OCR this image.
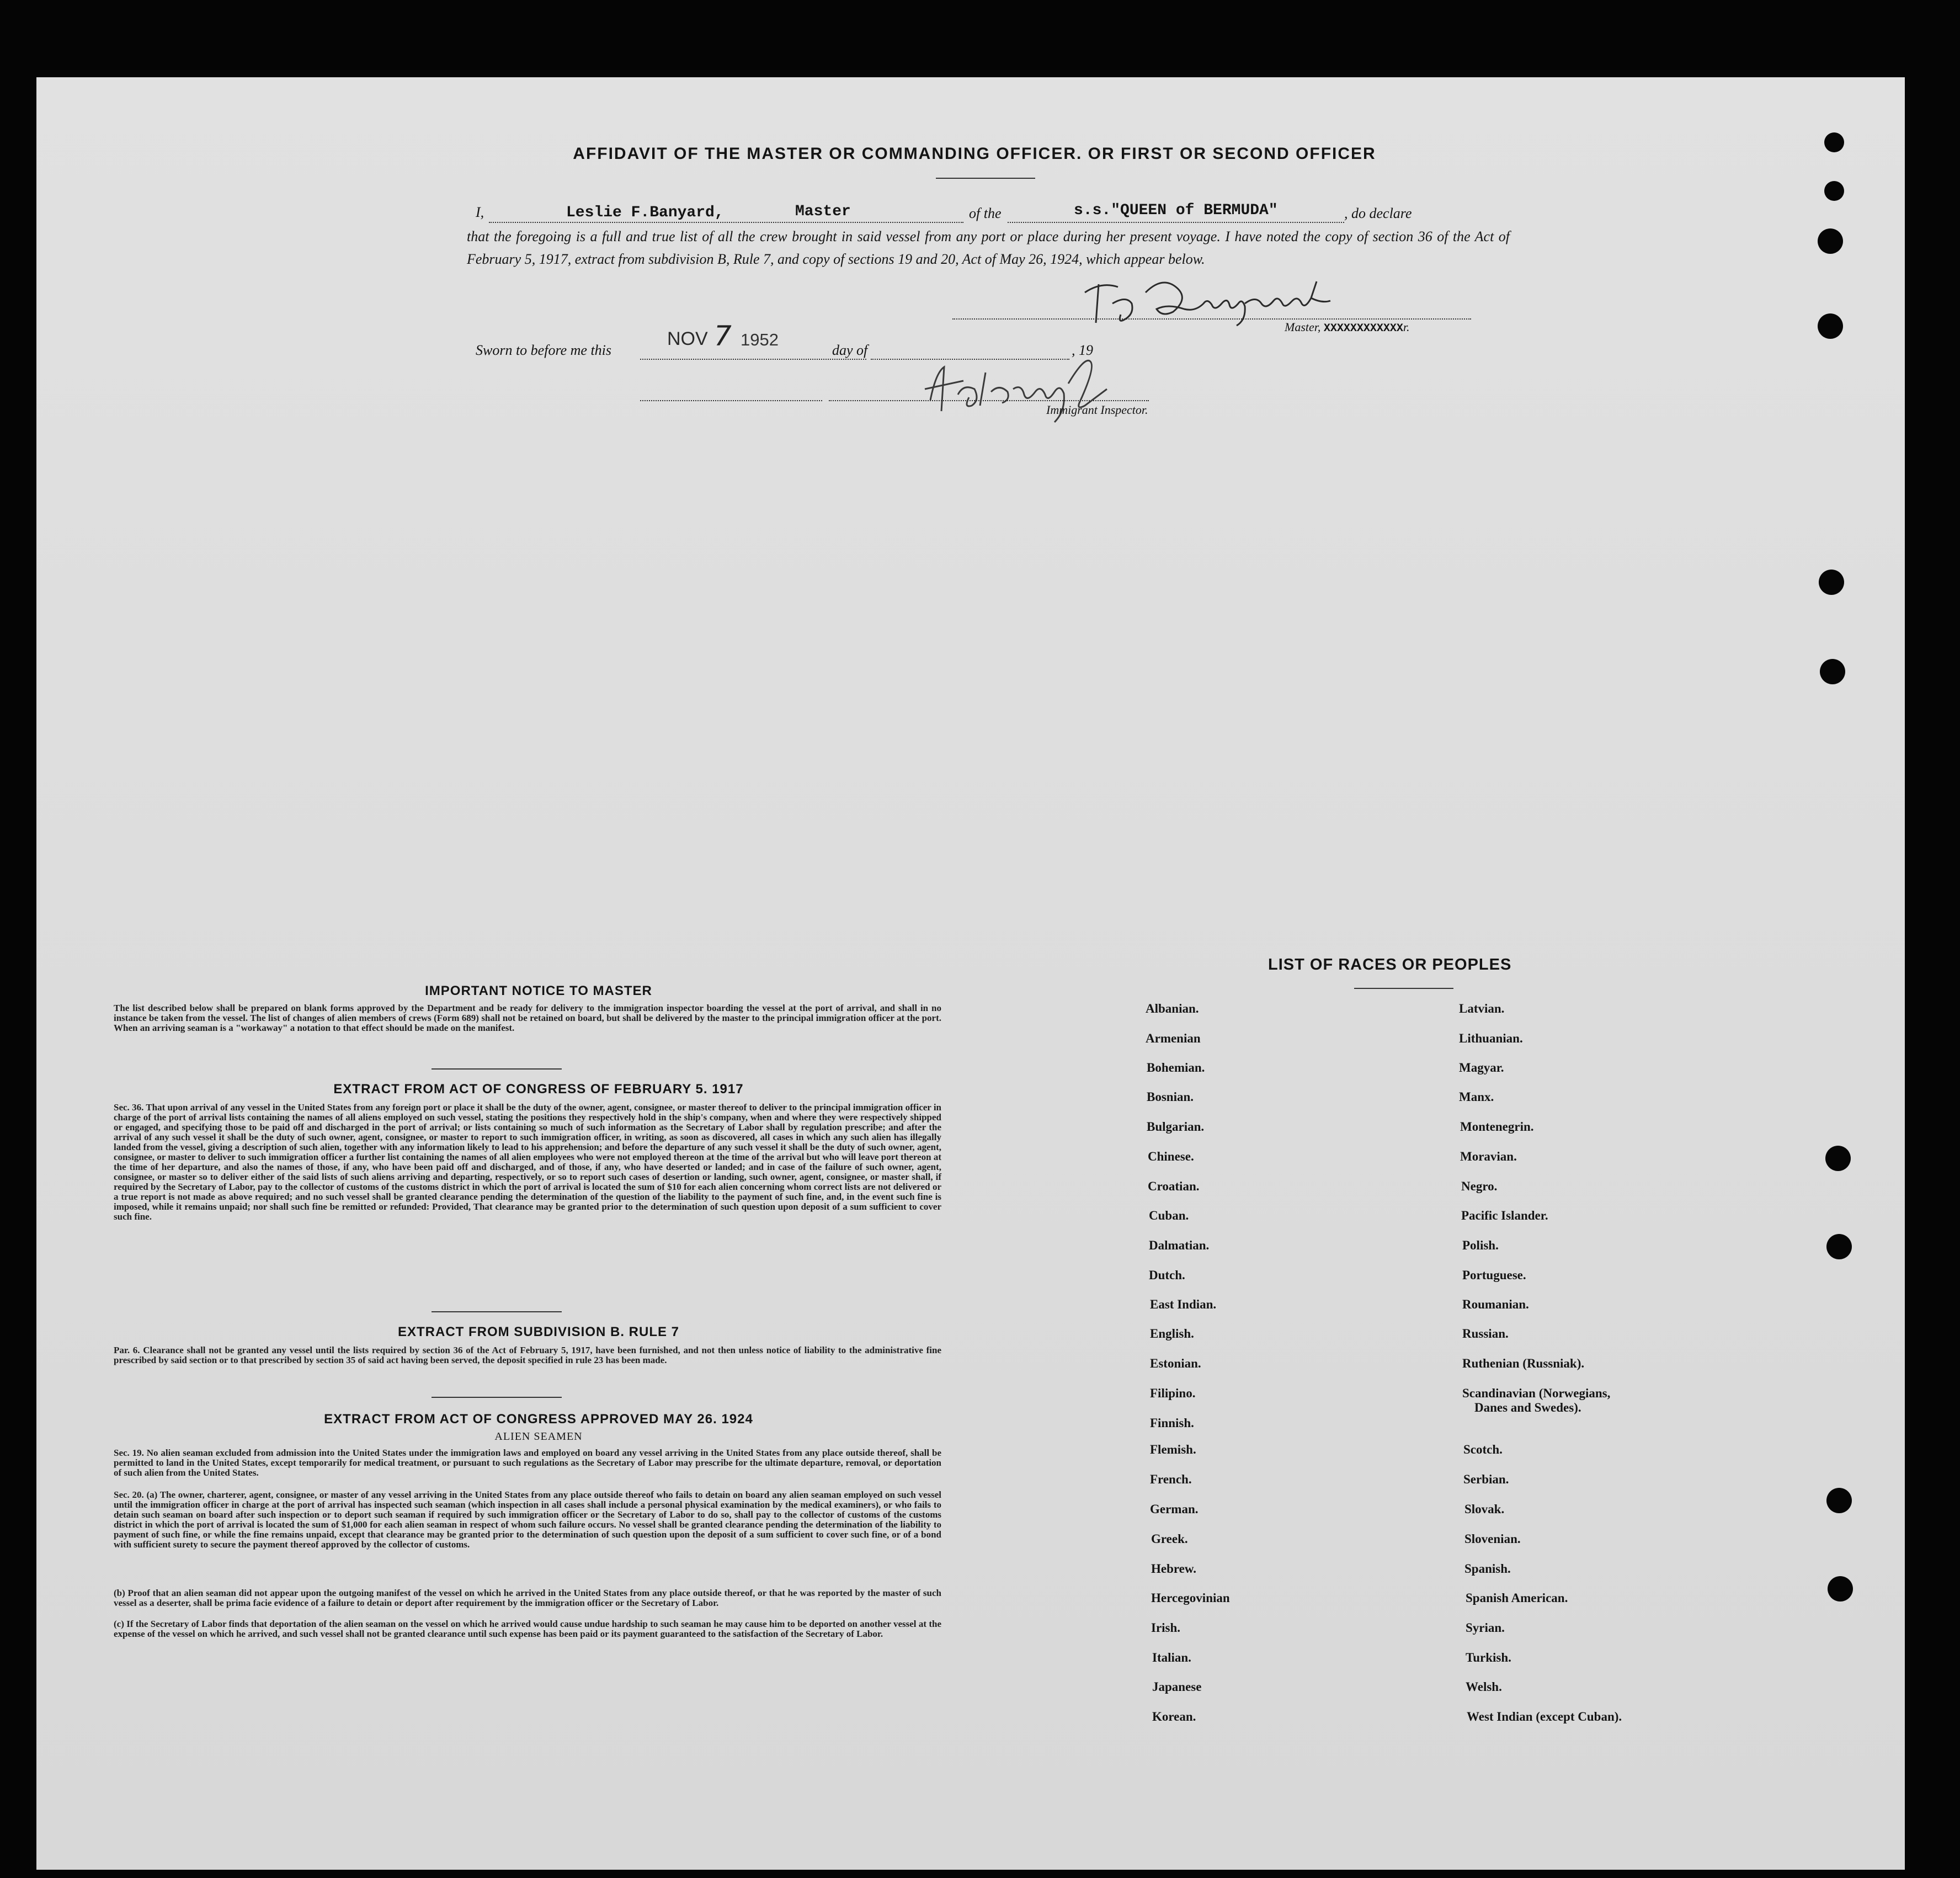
AFFIDAVIT OF THE MASTER OR COMMANDING OFFICER. OR FIRST OR SECOND OFFICER
I,	Leslie F.Banyard,	Master	of the	s.s."QUEEN of BERMUDA"	, do declare
that the foregoing is a full and true list of all the crew brought in said vessel from any port or place during her present voyage. I have noted the copy of section 36 of the Act of February 5, 1917, extract from subdivision B, Rule 7, and copy of sections 19 and 20, Act of May 26, 1924, which appear below.
Master, XXXXXXXXXXXXr.
Sworn to before me this
NOV 7 1952
day of	, 19
Immigrant Inspector.
IMPORTANT NOTICE TO MASTER
The list described below shall be prepared on blank forms approved by the Department and be ready for delivery to the immigration inspector boarding the vessel at the port of arrival, and shall in no instance be taken from the vessel. The list of changes of alien members of crews (Form 689) shall not be retained on board, but shall be delivered by the master to the principal immigration officer at the port. When an arriving seaman is a "workaway" a notation to that effect should be made on the manifest.
EXTRACT FROM ACT OF CONGRESS OF FEBRUARY 5. 1917
Sec. 36. That upon arrival of any vessel in the United States from any foreign port or place it shall be the duty of the owner, agent, consignee, or master thereof to deliver to the principal immigration officer in charge of the port of arrival lists containing the names of all aliens employed on such vessel, stating the positions they respectively hold in the ship's company, when and where they were respectively shipped or engaged, and specifying those to be paid off and discharged in the port of arrival; or lists containing so much of such information as the Secretary of Labor shall by regulation prescribe; and after the arrival of any such vessel it shall be the duty of such owner, agent, consignee, or master to report to such immigration officer, in writing, as soon as discovered, all cases in which any such alien has illegally landed from the vessel, giving a description of such alien, together with any information likely to lead to his apprehension; and before the departure of any such vessel it shall be the duty of such owner, agent, consignee, or master to deliver to such immigration officer a further list containing the names of all alien employees who were not employed thereon at the time of the arrival but who will leave port thereon at the time of her departure, and also the names of those, if any, who have been paid off and discharged, and of those, if any, who have deserted or landed; and in case of the failure of such owner, agent, consignee, or master so to deliver either of the said lists of such aliens arriving and departing, respectively, or so to report such cases of desertion or landing, such owner, agent, consignee, or master shall, if required by the Secretary of Labor, pay to the collector of customs of the customs district in which the port of arrival is located the sum of $10 for each alien concerning whom correct lists are not delivered or a true report is not made as above required; and no such vessel shall be granted clearance pending the determination of the question of the liability to the payment of such fine, and, in the event such fine is imposed, while it remains unpaid; nor shall such fine be remitted or refunded: Provided, That clearance may be granted prior to the determination of such question upon deposit of a sum sufficient to cover such fine.
EXTRACT FROM SUBDIVISION B. RULE 7
Par. 6. Clearance shall not be granted any vessel until the lists required by section 36 of the Act of February 5, 1917, have been furnished, and not then unless notice of liability to the administrative fine prescribed by said section or to that prescribed by section 35 of said act having been served, the deposit specified in rule 23 has been made.
EXTRACT FROM ACT OF CONGRESS APPROVED MAY 26. 1924
ALIEN SEAMEN
Sec. 19. No alien seaman excluded from admission into the United States under the immigration laws and employed on board any vessel arriving in the United States from any place outside thereof, shall be permitted to land in the United States, except temporarily for medical treatment, or pursuant to such regulations as the Secretary of Labor may prescribe for the ultimate departure, removal, or deportation of such alien from the United States.
Sec. 20. (a) The owner, charterer, agent, consignee, or master of any vessel arriving in the United States from any place outside thereof who fails to detain on board any alien seaman employed on such vessel until the immigration officer in charge at the port of arrival has inspected such seaman (which inspection in all cases shall include a personal physical examination by the medical examiners), or who fails to detain such seaman on board after such inspection or to deport such seaman if required by such immigration officer or the Secretary of Labor to do so, shall pay to the collector of customs of the customs district in which the port of arrival is located the sum of $1,000 for each alien seaman in respect of whom such failure occurs. No vessel shall be granted clearance pending the determination of the liability to payment of such fine, or while the fine remains unpaid, except that clearance may be granted prior to the determination of such question upon the deposit of a sum sufficient to cover such fine, or of a bond with sufficient surety to secure the payment thereof approved by the collector of customs.
(b) Proof that an alien seaman did not appear upon the outgoing manifest of the vessel on which he arrived in the United States from any place outside thereof, or that he was reported by the master of such vessel as a deserter, shall be prima facie evidence of a failure to detain or deport after requirement by the immigration officer or the Secretary of Labor.
(c) If the Secretary of Labor finds that deportation of the alien seaman on the vessel on which he arrived would cause undue hardship to such seaman he may cause him to be deported on another vessel at the expense of the vessel on which he arrived, and such vessel shall not be granted clearance until such expense has been paid or its payment guaranteed to the satisfaction of the Secretary of Labor.
LIST OF RACES OR PEOPLES
Albanian.
Armenian
Bohemian.
Bosnian.
Bulgarian.
Chinese.
Croatian.
Cuban.
Dalmatian.
Dutch.
East Indian.
English.
Estonian.
Filipino.
Finnish.
Flemish.
French.
German.
Greek.
Hebrew.
Hercegovinian
Irish.
Italian.
Japanese
Korean.
Latvian.
Lithuanian.
Magyar.
Manx.
Montenegrin.
Moravian.
Negro.
Pacific Islander.
Polish.
Portuguese.
Roumanian.
Russian.
Ruthenian (Russniak).
Scandinavian (Norwegians,
Danes and Swedes).
Scotch.
Serbian.
Slovak.
Slovenian.
Spanish.
Spanish American.
Syrian.
Turkish.
Welsh.
West Indian (except Cuban).
